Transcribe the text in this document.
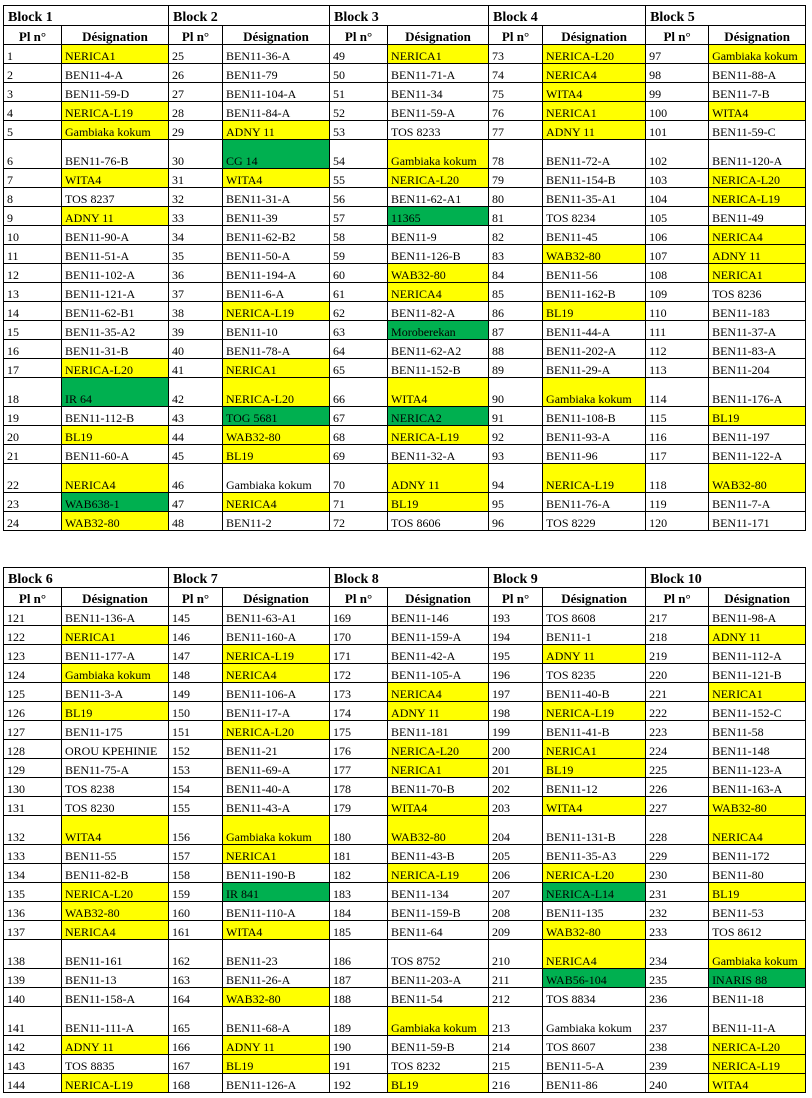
Block 1		Block 2		Block 3		Block 4		Block 5	
Pl n°	Désignation	Pl n°	Désignation	Pl n°	Désignation	Pl n°	Désignation	Pl n°	Désignation
1	NERICA1	25	BEN11-36-A	49	NERICA1	73	NERICA-L20	97	Gambiaka kokum
2	BEN11-4-A	26	BEN11-79	50	BEN11-71-A	74	NERICA4	98	BEN11-88-A
3	BEN11-59-D	27	BEN11-104-A	51	BEN11-34	75	WITA4	99	BEN11-7-B
4	NERICA-L19	28	BEN11-84-A	52	BEN11-59-A	76	NERICA1	100	WITA4
5	Gambiaka kokum	29	ADNY 11	53	TOS 8233	77	ADNY 11	101	BEN11-59-C
6	BEN11-76-B	30	CG 14	54	Gambiaka kokum	78	BEN11-72-A	102	BEN11-120-A
7	WITA4	31	WITA4	55	NERICA-L20	79	BEN11-154-B	103	NERICA-L20
8	TOS 8237	32	BEN11-31-A	56	BEN11-62-A1	80	BEN11-35-A1	104	NERICA-L19
9	ADNY 11	33	BEN11-39	57	11365	81	TOS 8234	105	BEN11-49
10	BEN11-90-A	34	BEN11-62-B2	58	BEN11-9	82	BEN11-45	106	NERICA4
11	BEN11-51-A	35	BEN11-50-A	59	BEN11-126-B	83	WAB32-80	107	ADNY 11
12	BEN11-102-A	36	BEN11-194-A	60	WAB32-80	84	BEN11-56	108	NERICA1
13	BEN11-121-A	37	BEN11-6-A	61	NERICA4	85	BEN11-162-B	109	TOS 8236
14	BEN11-62-B1	38	NERICA-L19	62	BEN11-82-A	86	BL19	110	BEN11-183
15	BEN11-35-A2	39	BEN11-10	63	Moroberekan	87	BEN11-44-A	111	BEN11-37-A
16	BEN11-31-B	40	BEN11-78-A	64	BEN11-62-A2	88	BEN11-202-A	112	BEN11-83-A
17	NERICA-L20	41	NERICA1	65	BEN11-152-B	89	BEN11-29-A	113	BEN11-204
18	IR 64	42	NERICA-L20	66	WITA4	90	Gambiaka kokum	114	BEN11-176-A
19	BEN11-112-B	43	TOG 5681	67	NERICA2	91	BEN11-108-B	115	BL19
20	BL19	44	WAB32-80	68	NERICA-L19	92	BEN11-93-A	116	BEN11-197
21	BEN11-60-A	45	BL19	69	BEN11-32-A	93	BEN11-96	117	BEN11-122-A
22	NERICA4	46	Gambiaka kokum	70	ADNY 11	94	NERICA-L19	118	WAB32-80
23	WAB638-1	47	NERICA4	71	BL19	95	BEN11-76-A	119	BEN11-7-A
24	WAB32-80	48	BEN11-2	72	TOS 8606	96	TOS 8229	120	BEN11-171
Block 6		Block 7		Block 8		Block 9		Block 10	
Pl n°	Désignation	Pl n°	Désignation	Pl n°	Désignation	Pl n°	Désignation	Pl n°	Désignation
121	BEN11-136-A	145	BEN11-63-A1	169	BEN11-146	193	TOS 8608	217	BEN11-98-A
122	NERICA1	146	BEN11-160-A	170	BEN11-159-A	194	BEN11-1	218	ADNY 11
123	BEN11-177-A	147	NERICA-L19	171	BEN11-42-A	195	ADNY 11	219	BEN11-112-A
124	Gambiaka kokum	148	NERICA4	172	BEN11-105-A	196	TOS 8235	220	BEN11-121-B
125	BEN11-3-A	149	BEN11-106-A	173	NERICA4	197	BEN11-40-B	221	NERICA1
126	BL19	150	BEN11-17-A	174	ADNY 11	198	NERICA-L19	222	BEN11-152-C
127	BEN11-175	151	NERICA-L20	175	BEN11-181	199	BEN11-41-B	223	BEN11-58
128	OROU KPEHINIE	152	BEN11-21	176	NERICA-L20	200	NERICA1	224	BEN11-148
129	BEN11-75-A	153	BEN11-69-A	177	NERICA1	201	BL19	225	BEN11-123-A
130	TOS 8238	154	BEN11-40-A	178	BEN11-70-B	202	BEN11-12	226	BEN11-163-A
131	TOS 8230	155	BEN11-43-A	179	WITA4	203	WITA4	227	WAB32-80
132	WITA4	156	Gambiaka kokum	180	WAB32-80	204	BEN11-131-B	228	NERICA4
133	BEN11-55	157	NERICA1	181	BEN11-43-B	205	BEN11-35-A3	229	BEN11-172
134	BEN11-82-B	158	BEN11-190-B	182	NERICA-L19	206	NERICA-L20	230	BEN11-80
135	NERICA-L20	159	IR 841	183	BEN11-134	207	NERICA-L14	231	BL19
136	WAB32-80	160	BEN11-110-A	184	BEN11-159-B	208	BEN11-135	232	BEN11-53
137	NERICA4	161	WITA4	185	BEN11-64	209	WAB32-80	233	TOS 8612
138	BEN11-161	162	BEN11-23	186	TOS 8752	210	NERICA4	234	Gambiaka kokum
139	BEN11-13	163	BEN11-26-A	187	BEN11-203-A	211	WAB56-104	235	INARIS 88
140	BEN11-158-A	164	WAB32-80	188	BEN11-54	212	TOS 8834	236	BEN11-18
141	BEN11-111-A	165	BEN11-68-A	189	Gambiaka kokum	213	Gambiaka kokum	237	BEN11-11-A
142	ADNY 11	166	ADNY 11	190	BEN11-59-B	214	TOS 8607	238	NERICA-L20
143	TOS 8835	167	BL19	191	TOS 8232	215	BEN11-5-A	239	NERICA-L19
144	NERICA-L19	168	BEN11-126-A	192	BL19	216	BEN11-86	240	WITA4
